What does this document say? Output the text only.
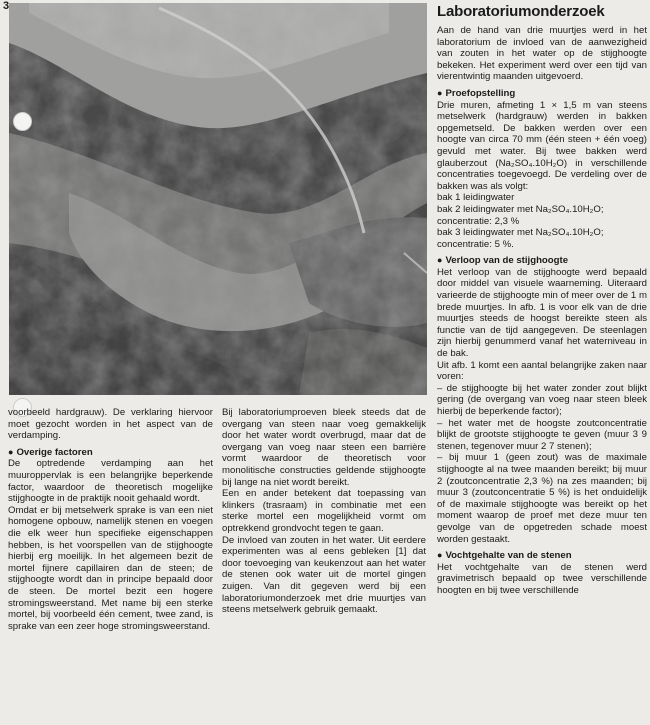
3

voorbeeld hardgrauw). De verklaring hiervoor moet gezocht worden in het aspect van de verdamping.

● Overige factoren

De optredende verdamping aan het muuroppervlak is een belangrijke beperkende factor, waardoor de theoretisch mogelijke stijghoogte in de praktijk nooit gehaald wordt.

Omdat er bij metselwerk sprake is van een niet homogene opbouw, namelijk stenen en voegen die elk weer hun specifieke eigenschappen hebben, is het voorspellen van de stijghoogte hierbij erg moeilijk. In het algemeen bezit de mortel fijnere capillairen dan de steen; de stijghoogte wordt dan in principe bepaald door de steen. De mortel bezit een hogere stromingsweerstand. Met name bij een sterke mortel, bij voorbeeld één cement, twee zand, is sprake van een zeer hoge stromingsweerstand.

Bij laboratoriumproeven bleek steeds dat de overgang van steen naar voeg gemakkelijk door het water wordt overbrugd, maar dat de overgang van voeg naar steen een barrière vormt waardoor de theoretisch voor monolitische constructies geldende stijghoogte bij lange na niet wordt bereikt.

Een en ander betekent dat toepassing van klinkers (trasraam) in combinatie met een sterke mortel een mogelijkheid vormt om optrekkend grondvocht tegen te gaan.

De invloed van zouten in het water. Uit eerdere experimenten was al eens gebleken [1] dat door toevoeging van keukenzout aan het water de stenen ook water uit de mortel gingen zuigen. Van dit gegeven werd bij een laboratoriumonderzoek met drie muurtjes van steens metselwerk gebruik gemaakt.

Laboratoriumonderzoek

Aan de hand van drie muurtjes werd in het laboratorium de invloed van de aanwezigheid van zouten in het water op de stijghoogte bekeken. Het experiment werd over een tijd van vierentwintig maanden uitgevoerd.

● Proefopstelling

Drie muren, afmeting 1 × 1,5 m van steens metselwerk (hardgrauw) werden in bakken opgemetseld. De bakken werden over een hoogte van circa 70 mm (één steen + één voeg) gevuld met water. Bij twee bakken werd glauberzout (Na₂SO₄.10H₂O) in verschillende concentraties toegevoegd. De verdeling over de bakken was als volgt:

bak 1 leidingwater

bak 2 leidingwater met Na₂SO₄.10H₂O; concentratie: 2,3 %

bak 3 leidingwater met Na₂SO₄.10H₂O; concentratie: 5 %.

● Verloop van de stijghoogte

Het verloop van de stijghoogte werd bepaald door middel van visuele waarneming. Uiteraard varieerde de stijghoogte min of meer over de 1 m brede muurtjes. In afb. 1 is voor elk van de drie muurtjes steeds de hoogst bereikte steen als functie van de tijd aangegeven. De steenlagen zijn hierbij genummerd vanaf het waterniveau in de bak.

Uit afb. 1 komt een aantal belangrijke zaken naar voren:

– de stijghoogte bij het water zonder zout blijkt gering (de overgang van voeg naar steen bleek hierbij de beperkende factor);

– het water met de hoogste zoutconcentratie blijkt de grootste stijghoogte te geven (muur 3 9 stenen, tegenover muur 2 7 stenen);

– bij muur 1 (geen zout) was de maximale stijghoogte al na twee maanden bereikt; bij muur 2 (zoutconcentratie 2,3 %) na zes maanden; bij muur 3 (zoutconcentratie 5 %) is het onduidelijk of de maximale stijghoogte was bereikt op het moment waarop de proef met deze muur ten gevolge van de opgetreden schade moest worden gestaakt.

● Vochtgehalte van de stenen

Het vochtgehalte van de stenen werd gravimetrisch bepaald op twee verschillende hoogten en bij twee verschillende
